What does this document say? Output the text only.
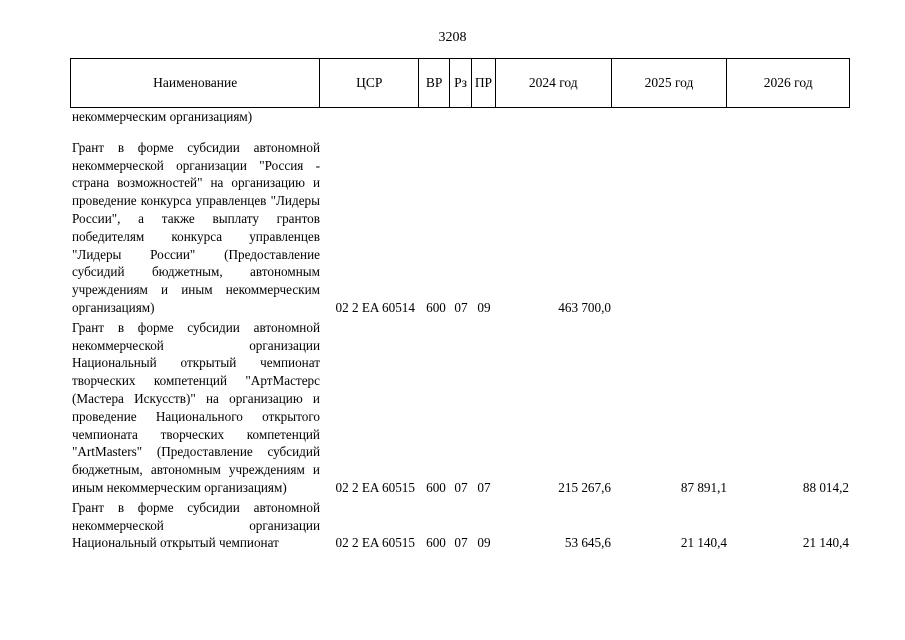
3208
Наименование	ЦСР	ВР Рз ПР	2024 год	2025 год	2026 год
некоммерческим организациям)
Грант в форме субсидии автономной некоммерческой организации "Россия - страна возможностей" на организацию и проведение конкурса управленцев "Лидеры России", а также выплату грантов победителям конкурса управленцев "Лидеры России" (Предоставление субсидий бюджетным, автономным учреждениям и иным некоммерческим организациям)	02 2 EA 60514 600 07 09	463 700,0
Грант в форме субсидии автономной некоммерческой организации Национальный открытый чемпионат творческих компетенций "АртМастерс (Мастера Искусств)" на организацию и проведение Национального открытого чемпионата творческих компетенций "ArtMasters" (Предоставление субсидий бюджетным, автономным учреждениям и иным некоммерческим организациям)	02 2 EA 60515 600 07 07	215 267,6	87 891,1	88 014,2
Грант в форме субсидии автономной некоммерческой организации Национальный открытый чемпионат	02 2 EA 60515 600 07 09	53 645,6	21 140,4	21 140,4
